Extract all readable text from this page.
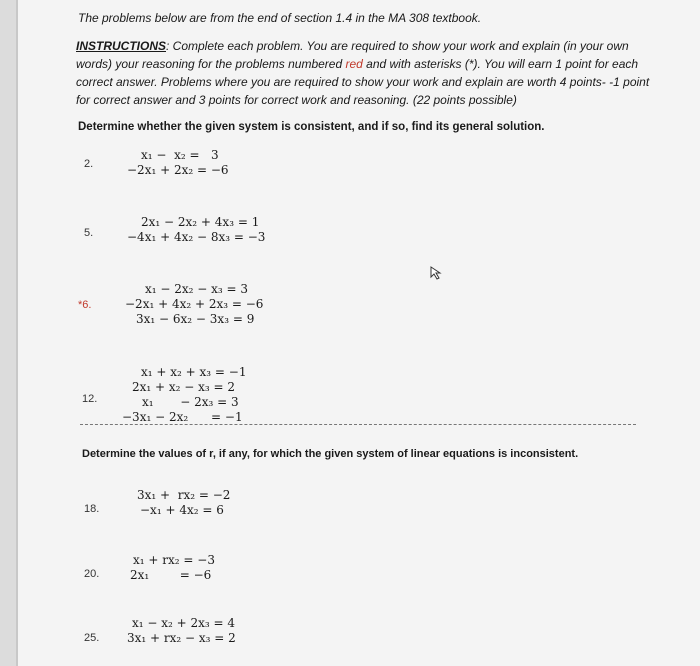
The problems below are from the end of section 1.4 in the MA 308 textbook.
INSTRUCTIONS: Complete each problem. You are required to show your work and explain (in your own words) your reasoning for the problems numbered red and with asterisks (*). You will earn 1 point for each correct answer. Problems where you are required to show your work and explain are worth 4 points- -1 point for correct answer and 3 points for correct work and reasoning. (22 points possible)
Determine whether the given system is consistent, and if so, find its general solution.
2.
x₁ −  x₂ =   3
−2x₁ + 2x₂ = −6
5.
2x₁ − 2x₂ + 4x₃ = 1
−4x₁ + 4x₂ − 8x₃ = −3
*6.
x₁ − 2x₂ − x₃ = 3
−2x₁ + 4x₂ + 2x₃ = −6
3x₁ − 6x₂ − 3x₃ = 9
12.
x₁ + x₂ + x₃ = −1
2x₁ + x₂ − x₃ = 2
x₁       − 2x₃ = 3
−3x₁ − 2x₂      = −1
Determine the values of r, if any, for which the given system of linear equations is inconsistent.
18.
3x₁ +  rx₂ = −2
−x₁ + 4x₂ = 6
20.
x₁ + rx₂ = −3
2x₁        = −6
25.
x₁ − x₂ + 2x₃ = 4
3x₁ + rx₂ − x₃ = 2
